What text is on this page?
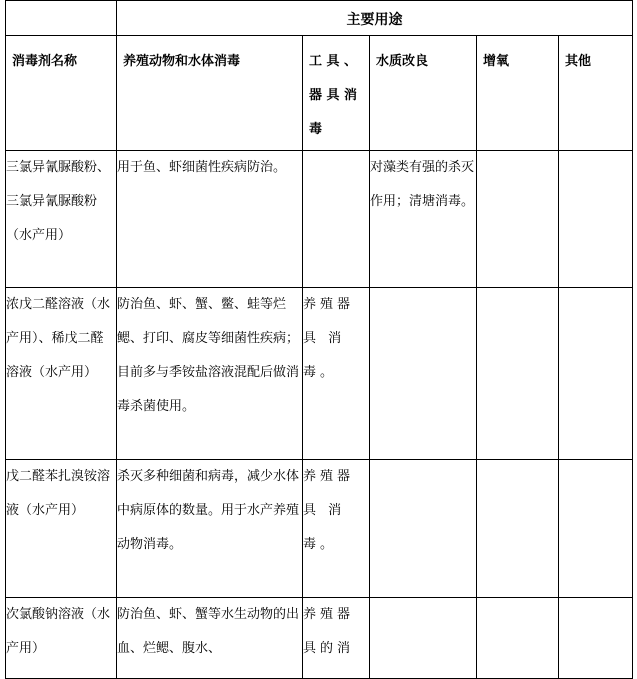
	主要用途				
消毒剂名称	养殖动物和水体消毒	工 具 、器 具 消毒	水质改良	增氧	其他
三氯异氰脲酸粉、三氯异氰脲酸粉（水产用）	用于鱼、虾细菌性疾病防治。		对藻类有强的杀灭作用；清塘消毒。		
浓戊二醛溶液（水产用）、稀戊二醛溶液（水产用）	防治鱼、虾、蟹、鳖、蛙等烂鳃、打印、腐皮等细菌性疾病；目前多与季铵盐溶液混配后做消毒杀菌使用。	养殖器具 消毒。			
戊二醛苯扎溴铵溶液（水产用）	杀灭多种细菌和病毒，减少水体中病原体的数量。用于水产养殖动物消毒。	养殖器具 消毒。			
次氯酸钠溶液（水产用）	防治鱼、虾、蟹等水生动物的出血、烂鳃、腹水、	养殖器具的消			
